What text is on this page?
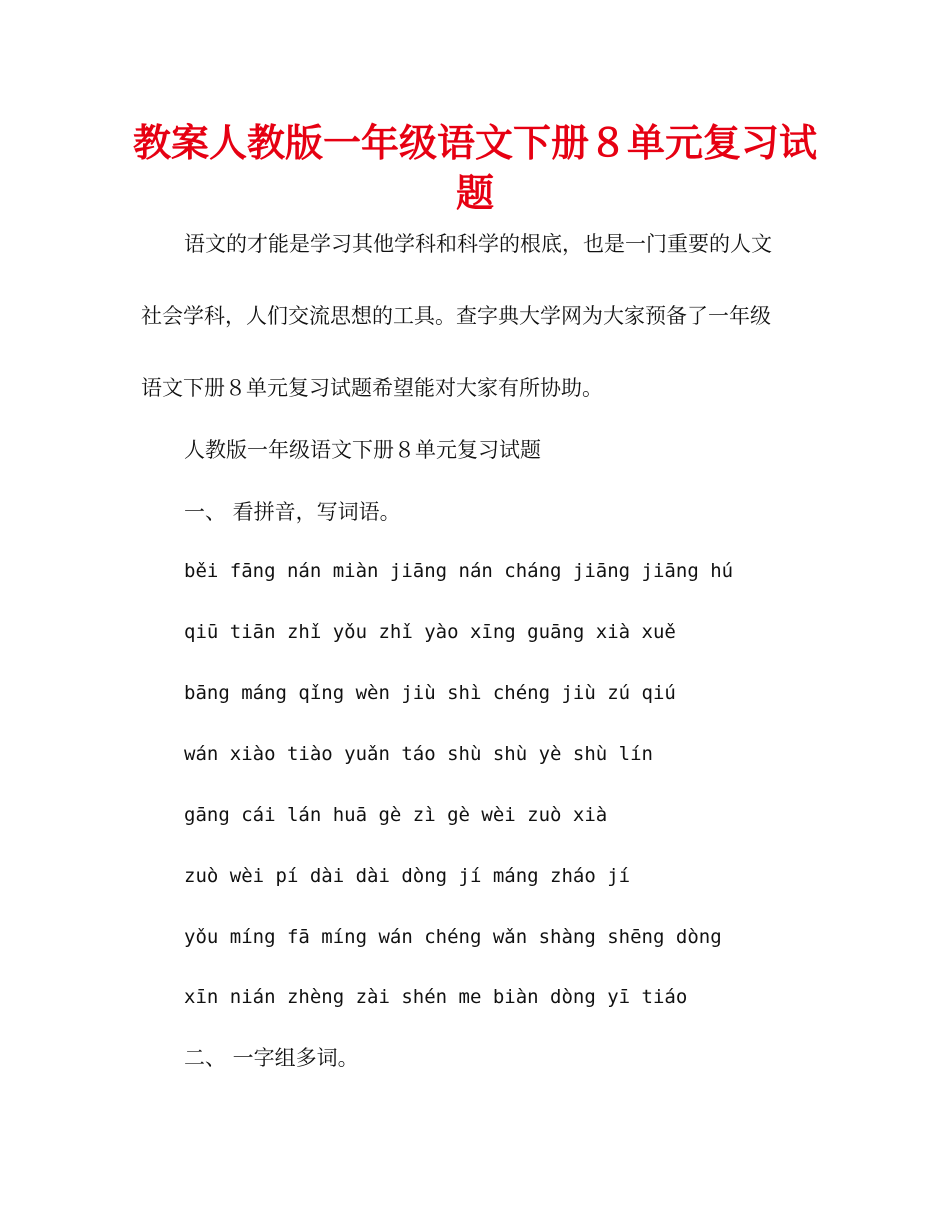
教案人教版一年级语文下册８单元复习试题
语文的才能是学习其他学科和科学的根底，也是一门重要的人文
社会学科，人们交流思想的工具。查字典大学网为大家预备了一年级
语文下册８单元复习试题希望能对大家有所协助。
人教版一年级语文下册８单元复习试题
一、 看拼音，写词语。
běi fāng nán miàn jiāng nán cháng jiāng jiāng hú
qiū tiān zhǐ yǒu zhǐ yào xīng guāng xià xuě
bāng máng qǐng wèn jiù shì chéng jiù zú qiú
wán xiào tiào yuǎn táo shù shù yè shù lín
gāng cái lán huā gè zì gè wèi zuò xià
zuò wèi pí dài dài dòng jí máng zháo jí
yǒu míng fā míng wán chéng wǎn shàng shēng dòng
xīn nián zhèng zài shén me biàn dòng yī tiáo
二、 一字组多词。
